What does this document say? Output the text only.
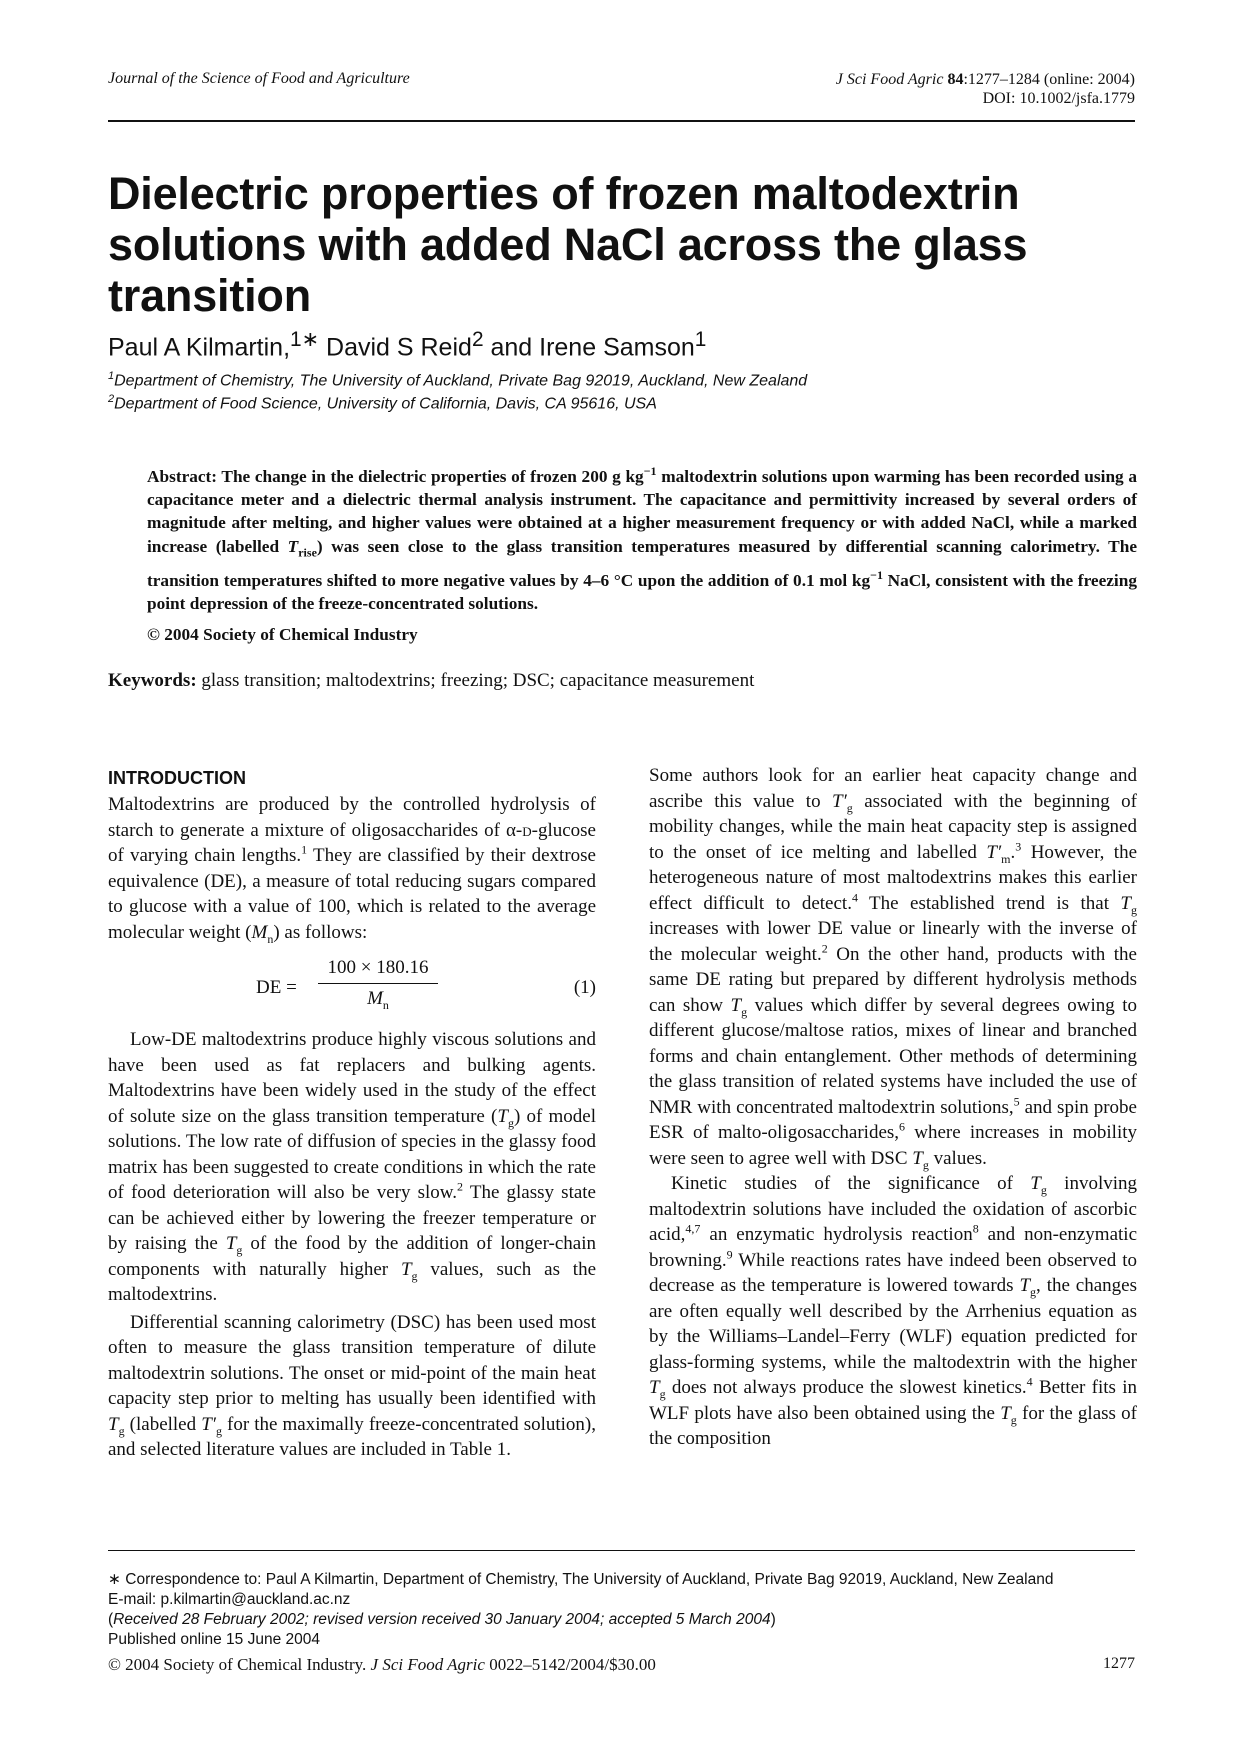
Journal of the Science of Food and Agriculture	J Sci Food Agric 84:1277–1284 (online: 2004)
DOI: 10.1002/jsfa.1779
Dielectric properties of frozen maltodextrin solutions with added NaCl across the glass transition
Paul A Kilmartin,$^{1∗}$ David S Reid$^2$ and Irene Samson$^1$
$^1$Department of Chemistry, The University of Auckland, Private Bag 92019, Auckland, New Zealand
$^2$Department of Food Science, University of California, Davis, CA 95616, USA

Abstract: The change in the dielectric properties of frozen 200 g $kg^{-1}$ maltodextrin solutions upon warming has been recorded using a capacitance meter and a dielectric thermal analysis instrument. The capacitance and permittivity increased by several orders of magnitude after melting, and higher values were obtained at a higher measurement frequency or with added NaCl, while a marked increase (labelled $T_{rise}$) was seen close to the glass transition temperatures measured by differential scanning calorimetry. The transition temperatures shifted to more negative values by 4–6 °C upon the addition of 0.1 mol $kg^{-1}$ NaCl, consistent with the freezing point depression of the freeze-concentrated solutions.

© 2004 Society of Chemical Industry
Keywords: glass transition; maltodextrins; freezing; DSC; capacitance measurement
INTRODUCTION

Maltodextrins are produced by the controlled hydrolysis of starch to generate a mixture of oligosaccharides of α-d-glucose of varying chain lengths.$^1$ They are classified by their dextrose equivalence (DE), a measure of total reducing sugars compared to glucose with a value of 100, which is related to the average molecular weight $(M_n)$ as follows:

DE = $\frac{100 \times 180.16}{M_n}$	(1)

Low-DE maltodextrins produce highly viscous solutions and have been used as fat replacers and bulking agents. Maltodextrins have been widely used in the study of the effect of solute size on the glass transition temperature $(T_g)$ of model solutions. The low rate of diffusion of species in the glassy food matrix has been suggested to create conditions in which the rate of food deterioration will also be very slow.$^2$ The glassy state can be achieved either by lowering the freezer temperature or by raising the $T_g$ of the food by the addition of longer-chain components with naturally higher $T_g$ values, such as the maltodextrins.

Differential scanning calorimetry (DSC) has been used most often to measure the glass transition temperature of dilute maltodextrin solutions. The onset or mid-point of the main heat capacity step prior to melting has usually been identified with $T_g$ (labelled $T'_g$ for the maximally freeze-concentrated solution), and selected literature values are included in Table 1.

Some authors look for an earlier heat capacity change and ascribe this value to $T'_g$ associated with the beginning of mobility changes, while the main heat capacity step is assigned to the onset of ice melting and labelled $T'_m.^3$ However, the heterogeneous nature of most maltodextrins makes this earlier effect difficult to detect.$^4$ The established trend is that $T_g$ increases with lower DE value or linearly with the inverse of the molecular weight.$^2$ On the other hand, products with the same DE rating but prepared by different hydrolysis methods can show $T_g$ values which differ by several degrees owing to different glucose/maltose ratios, mixes of linear and branched forms and chain entanglement. Other methods of determining the glass transition of related systems have included the use of NMR with concentrated maltodextrin solutions,$^5$ and spin probe ESR of malto-oligosaccharides,$^6$ where increases in mobility were seen to agree well with DSC $T_g$ values.

Kinetic studies of the significance of $T_g$ involving maltodextrin solutions have included the oxidation of ascorbic acid,$^{4,7}$ an enzymatic hydrolysis reaction$^8$ and non-enzymatic browning.$^9$ While reactions rates have indeed been observed to decrease as the temperature is lowered towards $T_g$, the changes are often equally well described by the Arrhenius equation as by the Williams–Landel–Ferry (WLF) equation predicted for glass-forming systems, while the maltodextrin with the higher $T_g$ does not always produce the slowest kinetics.$^4$ Better fits in WLF plots have also been obtained using the $T_g$ for the glass of the composition

∗ Correspondence to: Paul A Kilmartin, Department of Chemistry, The University of Auckland, Private Bag 92019, Auckland, New Zealand
E-mail: p.kilmartin@auckland.ac.nz
(Received 28 February 2002; revised version received 30 January 2004; accepted 5 March 2004)
Published online 15 June 2004
© 2004 Society of Chemical Industry. J Sci Food Agric 0022–5142/2004/$30.00	1277
